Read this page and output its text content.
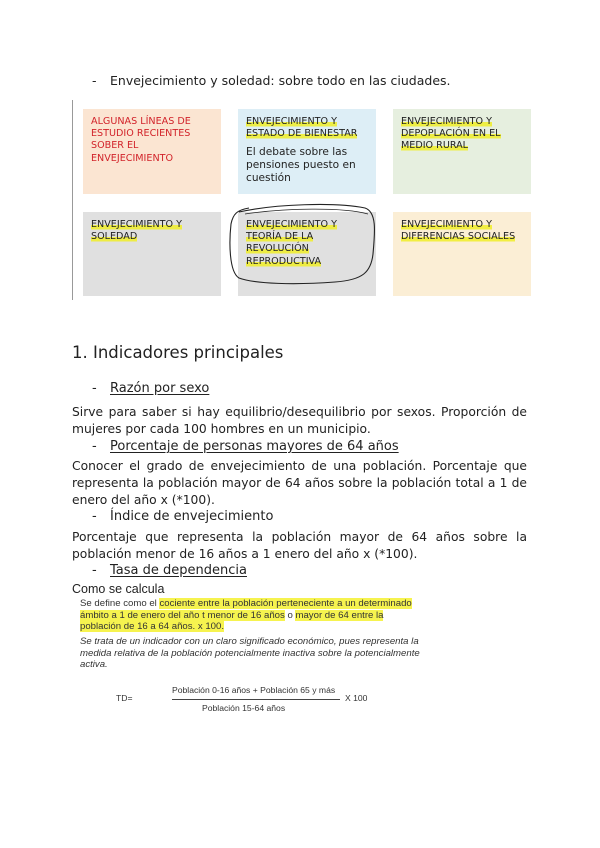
- Envejecimiento y soledad: sobre todo en las ciudades.
ALGUNAS LÍNEAS DE ESTUDIO RECIENTES SOBER EL ENVEJECIMIENTO
ENVEJECIMIENTO Y ESTADO DE BIENESTAR
El debate sobre las pensiones puesto en cuestión
ENVEJECIMIENTO Y DEPOPLACIÓN EN EL MEDIO RURAL
ENVEJECIMIENTO Y SOLEDAD
ENVEJECIMIENTO Y TEORÍA DE LA REVOLUCIÓN REPRODUCTIVA
ENVEJECIMIENTO Y DIFERENCIAS SOCIALES
1. Indicadores principales
- Razón por sexo
Sirve para saber si hay equilibrio/desequilibrio por sexos. Proporción de mujeres por cada 100 hombres en un municipio.
- Porcentaje de personas mayores de 64 años
Conocer el grado de envejecimiento de una población. Porcentaje que representa la población mayor de 64 años sobre la población total a 1 de enero del año x (*100).
- Índice de envejecimiento
Porcentaje que representa la población mayor de 64 años sobre la población menor de 16 años a 1 enero del año x (*100).
- Tasa de dependencia
Como se calcula
Se define como el cociente entre la población perteneciente a un determinado ámbito a 1 de enero del año t menor de 16 años o mayor de 64 entre la población de 16 a 64 años. x 100.
Se trata de un indicador con un claro significado económico, pues representa la medida relativa de la población potencialmente inactiva sobre la potencialmente activa.
TD=
Población 0-16 años + Población 65 y más
Población 15-64 años
X 100
